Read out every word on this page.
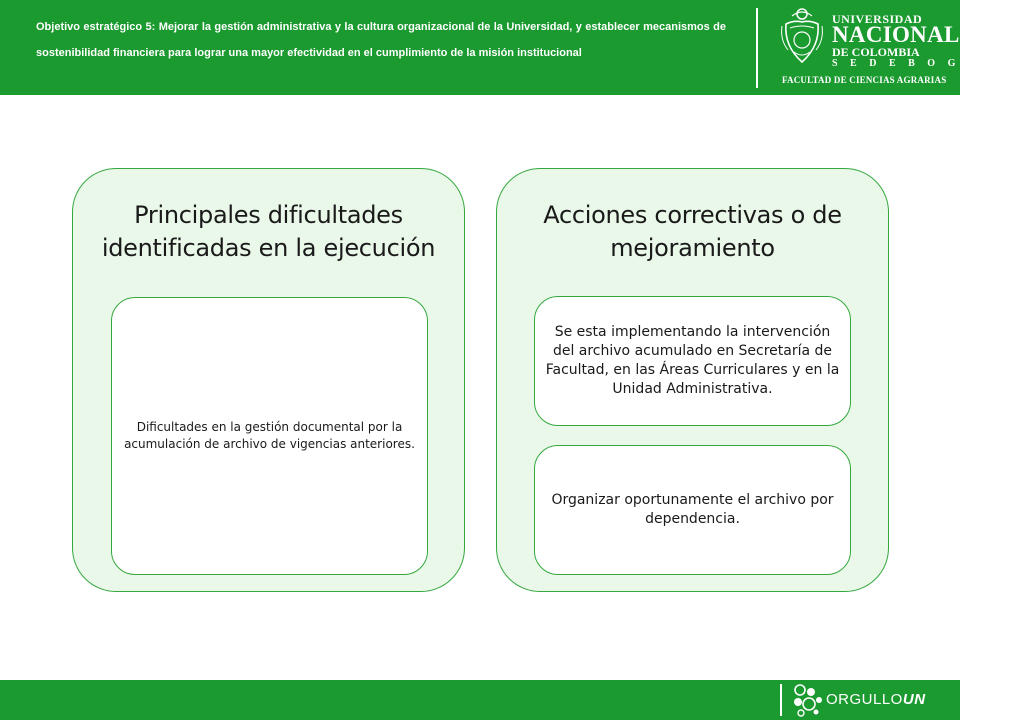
Objetivo estratégico 5: Mejorar la gestión administrativa y la cultura organizacional de la Universidad, y establecer mecanismos de sostenibilidad financiera para lograr una mayor efectividad en el cumplimiento de la misión institucional
UNIVERSIDAD
NACIONAL
DE COLOMBIA
S E D E B O G O T Á
FACULTAD DE CIENCIAS AGRARIAS
Principales dificultades identificadas en la ejecución
Dificultades en la gestión documental por la acumulación de archivo de vigencias anteriores.
Acciones correctivas o de mejoramiento
Se esta implementando la intervención del archivo acumulado en Secretaría de Facultad, en las Áreas Curriculares y en la Unidad Administrativa.
Organizar oportunamente el archivo por dependencia.
ORGULLOUN
